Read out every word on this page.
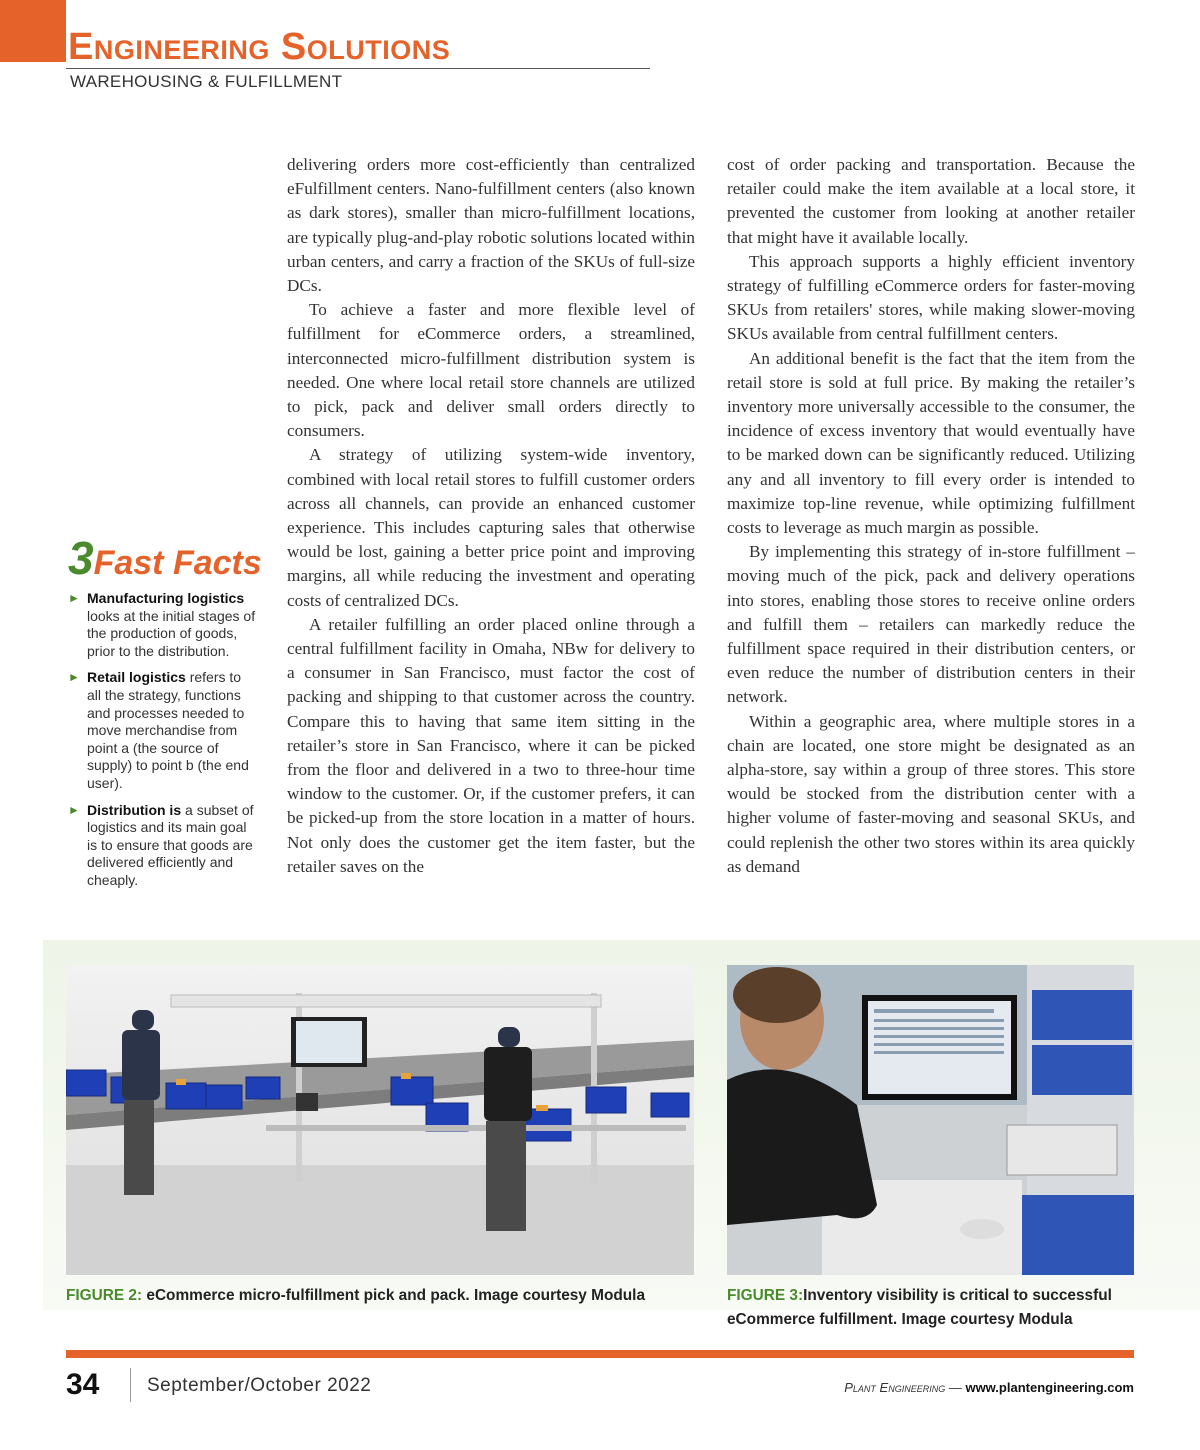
Engineering Solutions
WAREHOUSING & FULFILLMENT
3Fast Facts
► Manufacturing logistics looks at the initial stages of the production of goods, prior to the distribution.
► Retail logistics refers to all the strategy, functions and processes needed to move merchandise from point a (the source of supply) to point b (the end user).
► Distribution is a subset of logistics and its main goal is to ensure that goods are delivered efficiently and cheaply.

delivering orders more cost-efficiently than centralized eFulfillment centers. Nano-fulfillment centers (also known as dark stores), smaller than micro-fulfillment locations, are typically plug-and-play robotic solutions located within urban centers, and carry a fraction of the SKUs of full-size DCs.

To achieve a faster and more flexible level of fulfillment for eCommerce orders, a streamlined, interconnected micro-fulfillment distribution system is needed. One where local retail store channels are utilized to pick, pack and deliver small orders directly to consumers.

A strategy of utilizing system-wide inventory, combined with local retail stores to fulfill customer orders across all channels, can provide an enhanced customer experience. This includes capturing sales that otherwise would be lost, gaining a better price point and improving margins, all while reducing the investment and operating costs of centralized DCs.

A retailer fulfilling an order placed online through a central fulfillment facility in Omaha, NBw for delivery to a consumer in San Francisco, must factor the cost of packing and shipping to that customer across the country. Compare this to having that same item sitting in the retailer’s store in San Francisco, where it can be picked from the floor and delivered in a two to three-hour time window to the customer. Or, if the customer prefers, it can be picked-up from the store location in a matter of hours. Not only does the customer get the item faster, but the retailer saves on the

cost of order packing and transportation. Because the retailer could make the item available at a local store, it prevented the customer from looking at another retailer that might have it available locally.

This approach supports a highly efficient inventory strategy of fulfilling eCommerce orders for faster-moving SKUs from retailers' stores, while making slower-moving SKUs available from central fulfillment centers.

An additional benefit is the fact that the item from the retail store is sold at full price. By making the retailer’s inventory more universally accessible to the consumer, the incidence of excess inventory that would eventually have to be marked down can be significantly reduced. Utilizing any and all inventory to fill every order is intended to maximize top-line revenue, while optimizing fulfillment costs to leverage as much margin as possible.

By implementing this strategy of in-store fulfillment – moving much of the pick, pack and delivery operations into stores, enabling those stores to receive online orders and fulfill them – retailers can markedly reduce the fulfillment space required in their distribution centers, or even reduce the number of distribution centers in their network.

Within a geographic area, where multiple stores in a chain are located, one store might be designated as an alpha-store, say within a group of three stores. This store would be stocked from the distribution center with a higher volume of faster-moving and seasonal SKUs, and could replenish the other two stores within its area quickly as demand

FIGURE 2: eCommerce micro-fulfillment pick and pack. Image courtesy Modula	FIGURE 3:Inventory visibility is critical to successful eCommerce fulfillment. Image courtesy Modula
34	September/October 2022	Plant Engineering — www.plantengineering.com
